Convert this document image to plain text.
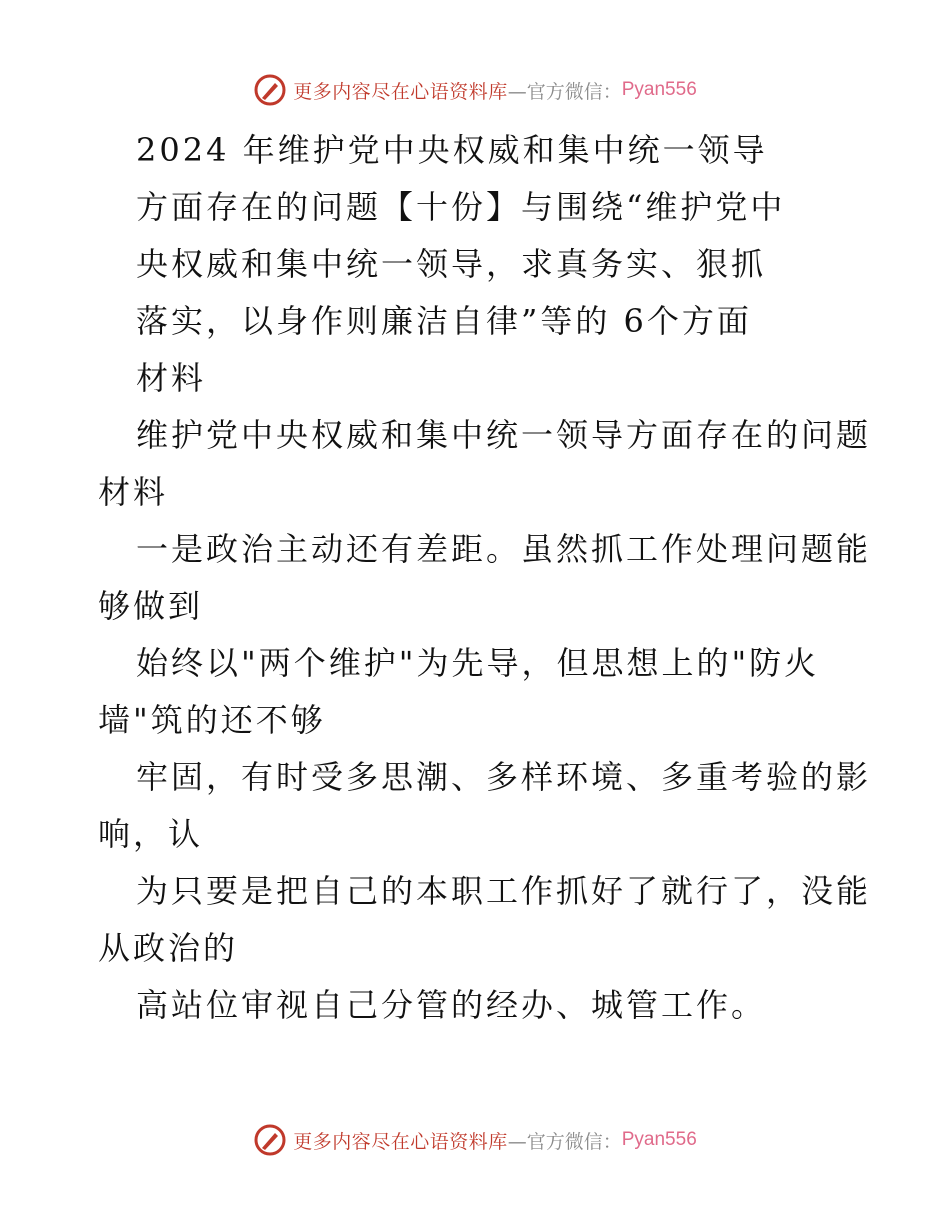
更多内容尽在心语资料库 —官方微信： Pyan556
2024 年维护党中央权威和集中统一领导
方面存在的问题【十份】与围绕“维护党中
央权威和集中统一领导，求真务实、狠抓
落实，以身作则廉洁自律”等的 6个方面
材料
维护党中央权威和集中统一领导方面存在的问题
材料
一是政治主动还有差距。虽然抓工作处理问题能
够做到
始终以"两个维护"为先导，但思想上的"防火
墙"筑的还不够
牢固，有时受多思潮、多样环境、多重考验的影
响，认
为只要是把自己的本职工作抓好了就行了，没能
从政治的
高站位审视自己分管的经办、城管工作。
更多内容尽在心语资料库 —官方微信： Pyan556
